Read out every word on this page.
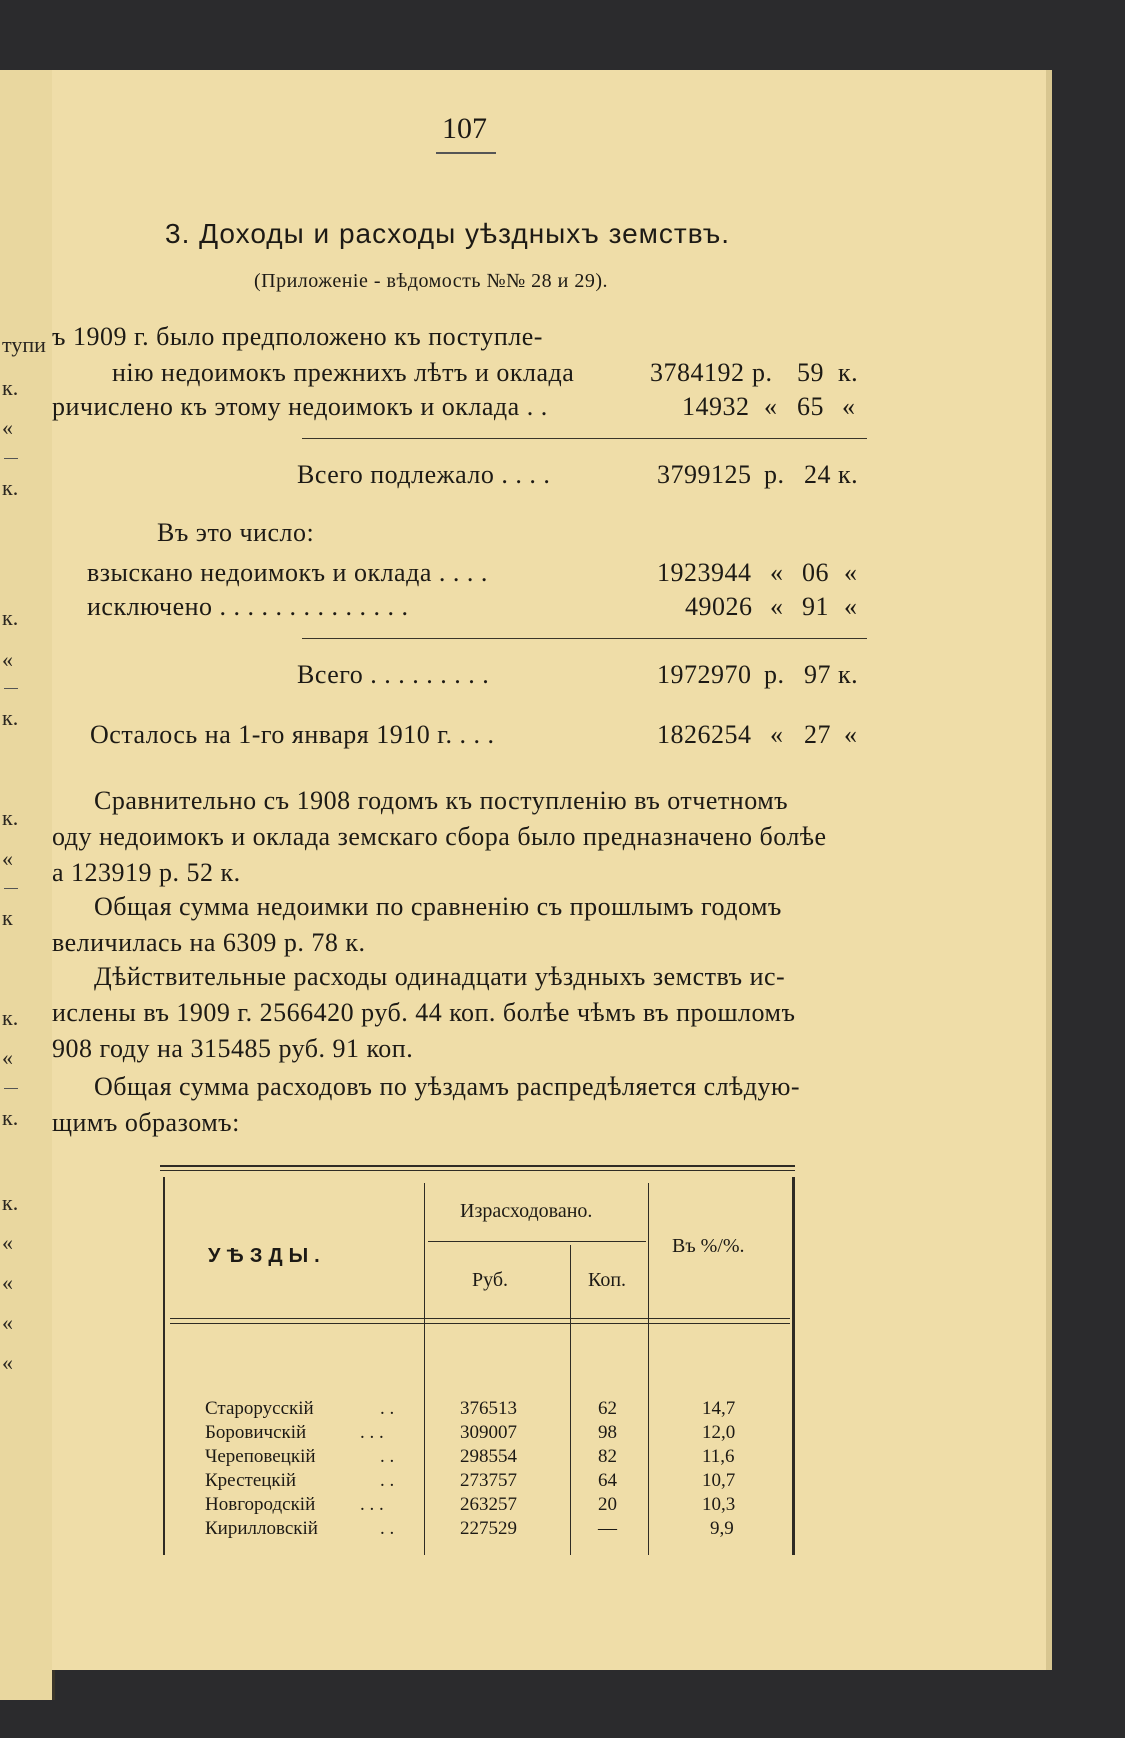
тупи
к.
«
к.
к.
«
к.
к.
«
к
к.
«
к.
к.
«
«
«
«
107
3. Доходы и расходы уѣздныхъ земствъ.
(Приложеніе - вѣдомость №№ 28 и 29).
ъ 1909 г. было предположено къ поступле-
нію недоимокъ прежнихъ лѣтъ и оклада	3784192 р. 59 к.
ричислено къ этому недоимокъ и оклада . .	14932 « 65 «
Всего подлежало . . . .	3799125 р. 24 к.
Въ это число:
взыскано недоимокъ и оклада . . . .	1923944 « 06 «
исключено . . . . . . . . . . . . . .	49026 « 91 «
Всего . . . . . . . . .	1972970 р. 97 к.
Осталось на 1-го января 1910 г. . . .	1826254 « 27 «
Сравнительно съ 1908 годомъ къ поступленію въ отчетномъ
оду недоимокъ и оклада земскаго сбора было предназначено болѣе
а 123919 р. 52 к.
Общая сумма недоимки по сравненію съ прошлымъ годомъ
величилась на 6309 р. 78 к.
Дѣйствительные расходы одинадцати уѣздныхъ земствъ ис-
ислены въ 1909 г. 2566420 руб. 44 коп. болѣе чѣмъ въ прошломъ
908 году на 315485 руб. 91 коп.
Общая сумма расходовъ по уѣздамъ распредѣляется слѣдую-
щимъ образомъ:
УѢЗДЫ.
Израсходовано.
Руб.	Коп.
Въ %/%.
Старорусскій	. .	376513	62	14,7
Боровичскій	. . .	309007	98	12,0
Череповецкій	. .	298554	82	11,6
Крестецкій	. .	273757	64	10,7
Новгородскій . . .	263257	20	10,3
Кирилловскій	. .	227529	—	9,9
